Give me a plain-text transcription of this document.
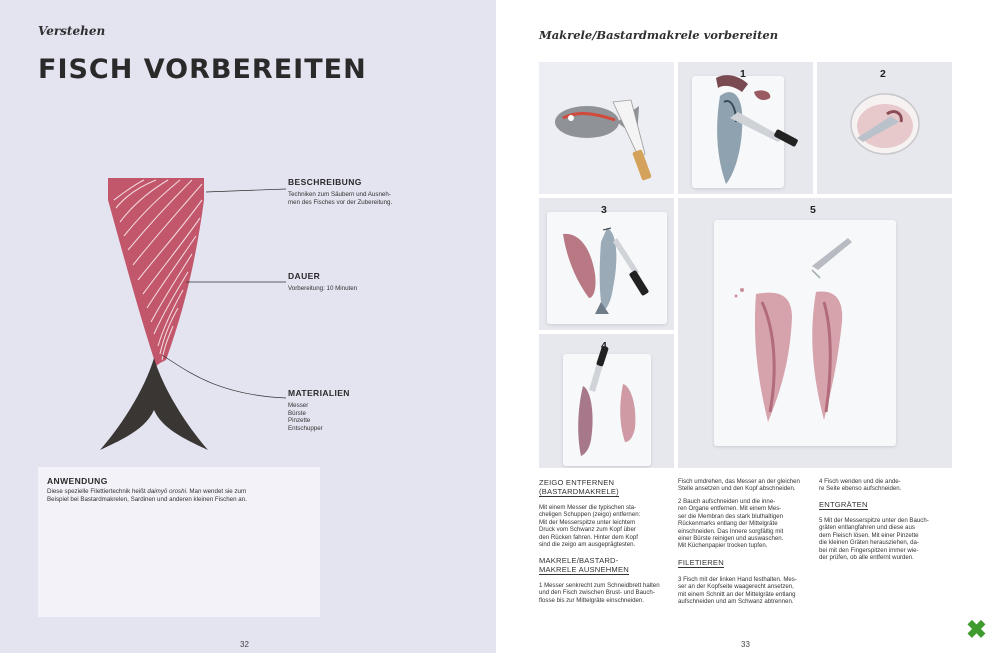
Verstehen
FISCH VORBEREITEN
BESCHREIBUNG
Techniken zum Säubern und Ausneh-
men des Fisches vor der Zubereitung.
DAUER
Vorbereitung: 10 Minuten
MATERIALIEN
Messer
Bürste
Pinzette
Entschupper
ANWENDUNG
Diese spezielle Filettiertechnik heißt daimyō oroshi. Man wendet sie zum
Beispiel bei Bastardmakrelen, Sardinen und anderen kleinen Fischen an.
32
Makrele/Bastardmakrele vorbereiten
1	2
3	5
4
ZEIGO ENTFERNEN
(BASTARDMAKRELE)
Mit einem Messer die typischen sta-
cheligen Schuppen (zeigo) entfernen:
Mit der Messerspitze unter leichtem
Druck vom Schwanz zum Kopf über
den Rücken fahren. Hinter dem Kopf
sind die zeigo am ausgeprägtesten.
MAKRELE/BASTARD-
MAKRELE AUSNEHMEN
1 Messer senkrecht zum Schneidbrett halten
und den Fisch zwischen Brust- und Bauch-
flosse bis zur Mittelgräte einschneiden.
Fisch umdrehen, das Messer an der gleichen
Stelle ansetzen und den Kopf abschneiden.
2 Bauch aufschneiden und die inne-
ren Organe entfernen. Mit einem Mes-
ser die Membran des stark bluthaltigen
Rückenmarks entlang der Mittelgräte
einschneiden. Das Innere sorgfältig mit
einer Bürste reinigen und auswaschen.
Mit Küchenpapier trocken tupfen.
FILETIEREN
3 Fisch mit der linken Hand festhalten. Mes-
ser an der Kopfseite waagerecht ansetzen,
mit einem Schnitt an der Mittelgräte entlang
aufschneiden und am Schwanz abtrennen.
4 Fisch wenden und die ande-
re Seite ebenso aufschneiden.
ENTGRÄTEN
5 Mit der Messerspitze unter den Bauch-
gräten entlangfahren und diese aus
dem Fleisch lösen. Mit einer Pinzette
die kleinen Gräten herausziehen, da-
bei mit den Fingerspitzen immer wie-
der prüfen, ob alle entfernt wurden.
33
✖
